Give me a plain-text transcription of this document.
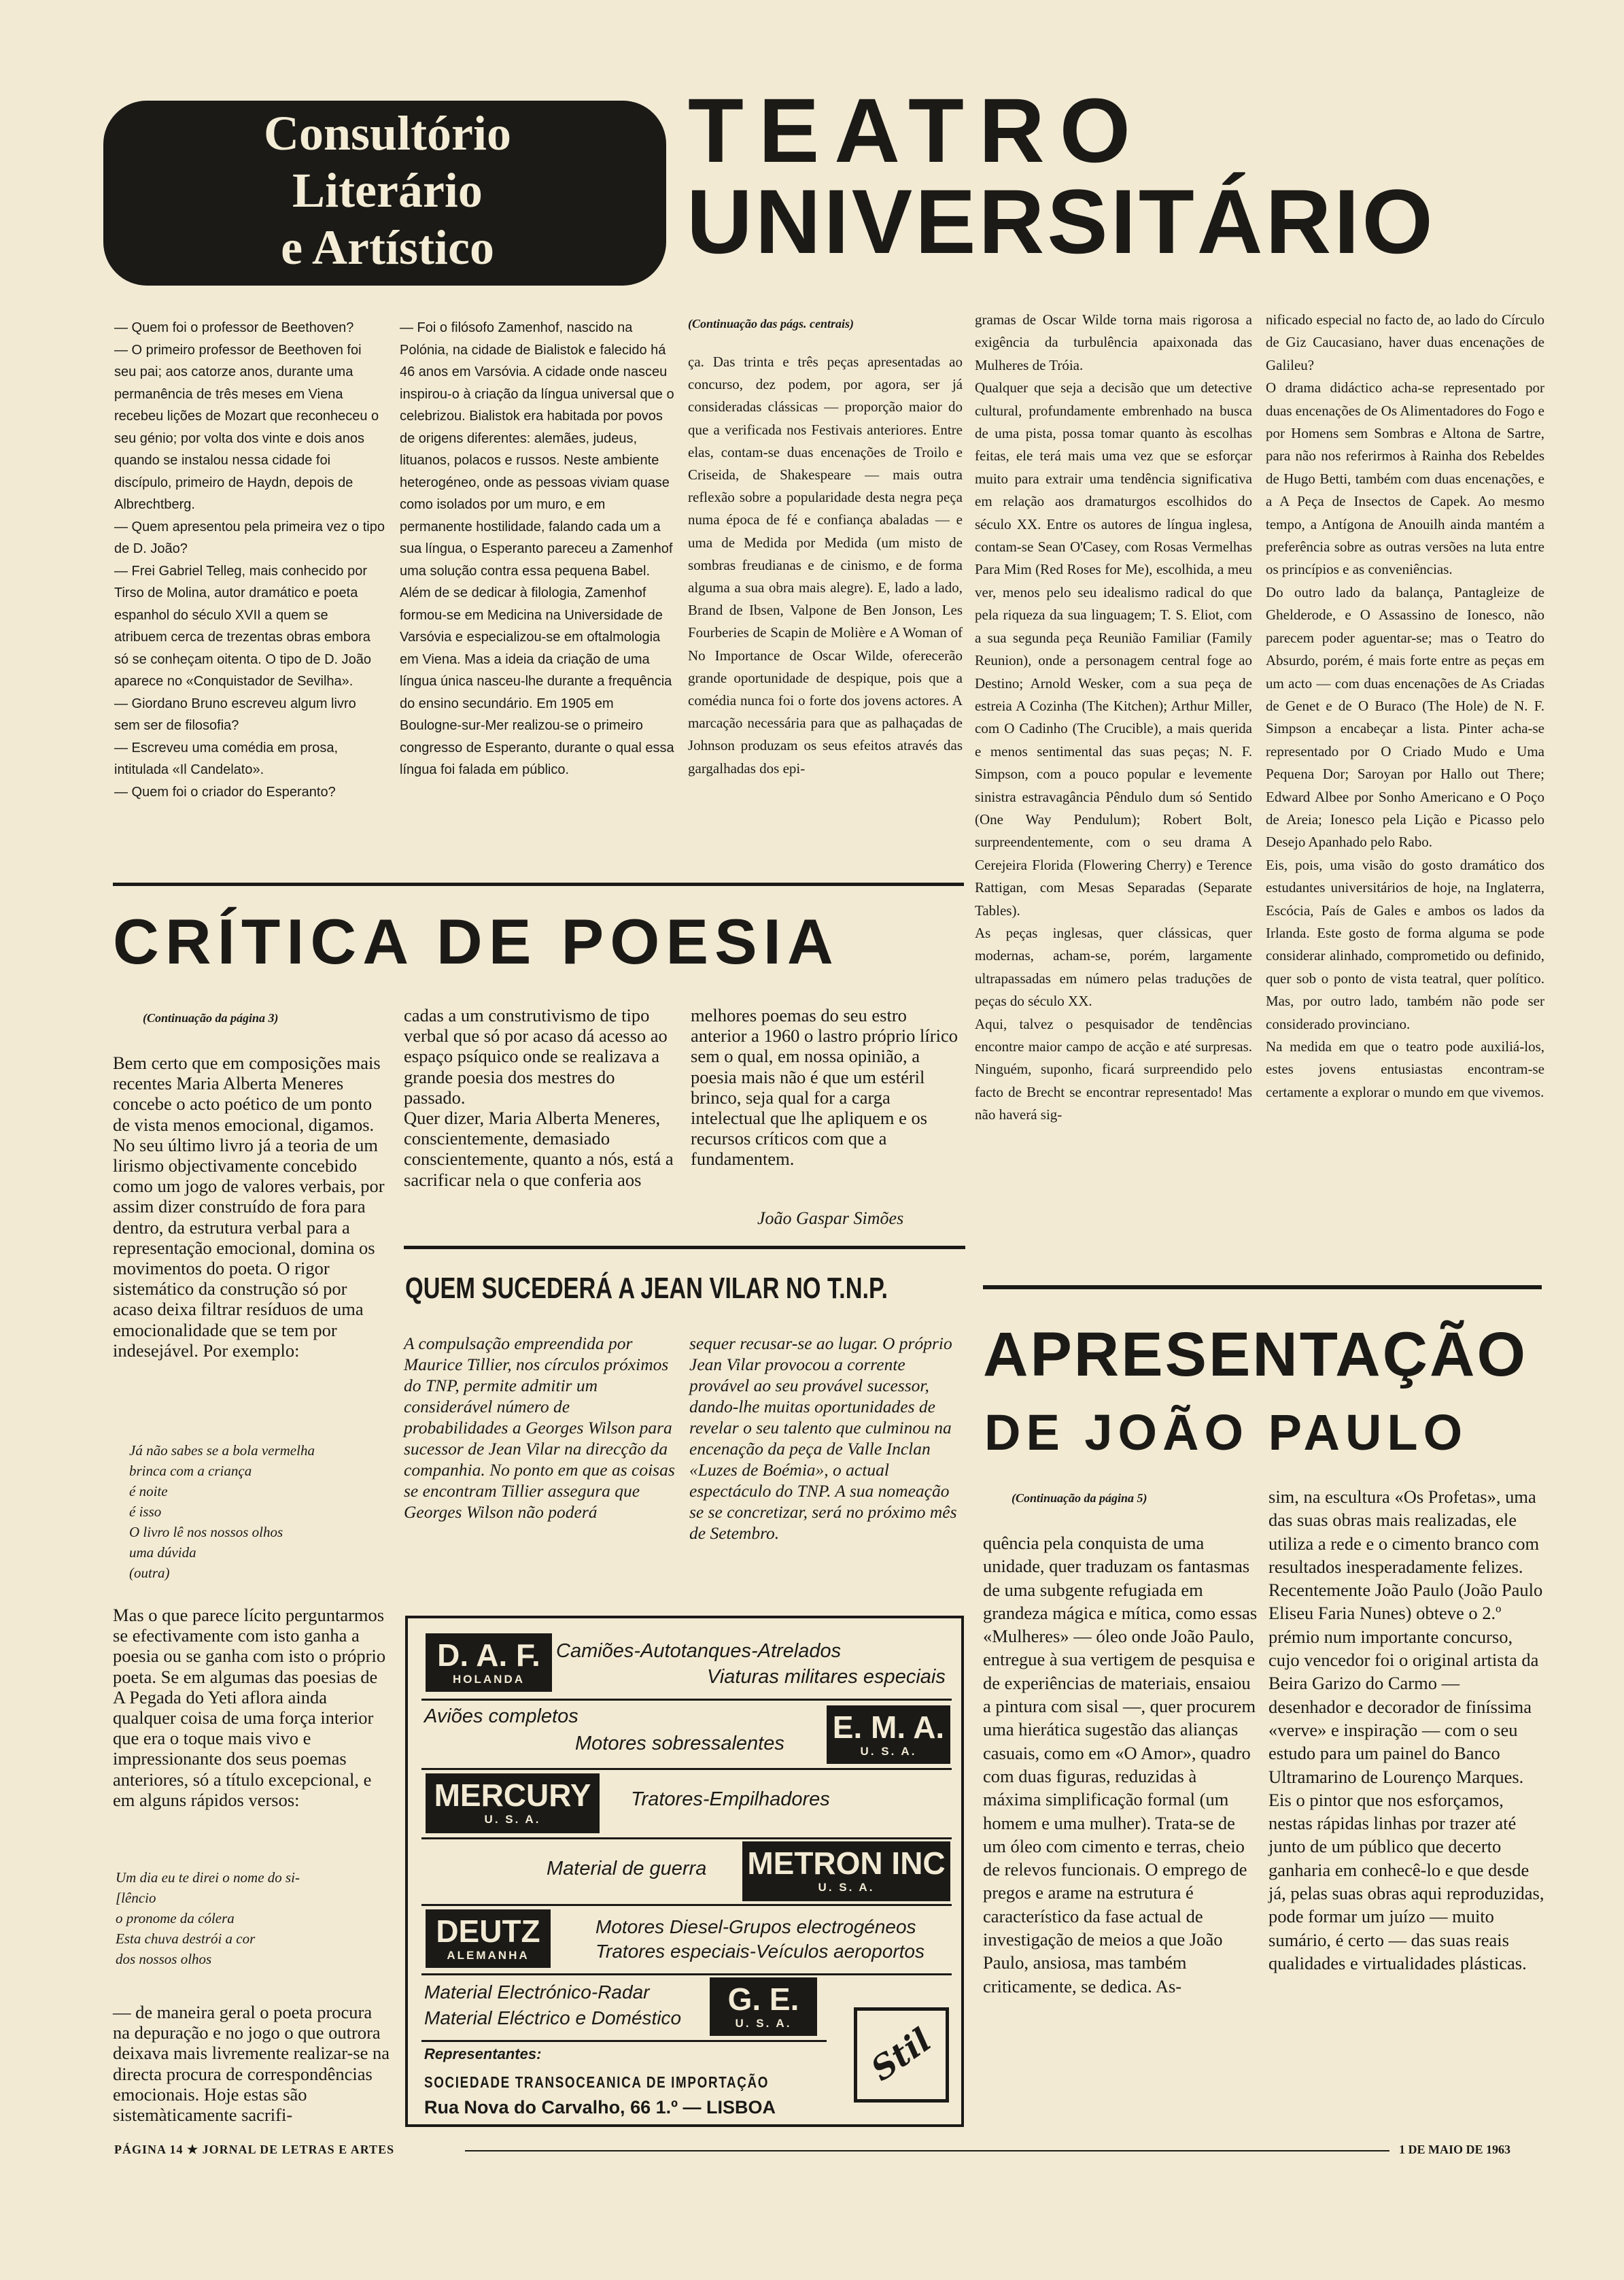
Consultório
Literário
e Artístico
TEATRO
UNIVERSITÁRIO
— Quem foi o professor de Beethoven?
— O primeiro professor de Beethoven foi seu pai; aos catorze anos, durante uma permanência de três meses em Viena recebeu lições de Mozart que reconheceu o seu génio; por volta dos vinte e dois anos quando se instalou nessa cidade foi discípulo, primeiro de Haydn, depois de Albrechtberg.
— Quem apresentou pela primeira vez o tipo de D. João?
— Frei Gabriel Telleg, mais conhecido por Tirso de Molina, autor dramático e poeta espanhol do século XVII a quem se atribuem cerca de trezentas obras embora só se conheçam oitenta. O tipo de D. João aparece no «Conquistador de Sevilha».
— Giordano Bruno escreveu algum livro sem ser de filosofia?
— Escreveu uma comédia em prosa, intitulada «Il Candelato».
— Quem foi o criador do Esperanto?
— Foi o filósofo Zamenhof, nascido na Polónia, na cidade de Bialistok e falecido há 46 anos em Varsóvia. A cidade onde nasceu inspirou-o à criação da língua universal que o celebrizou. Bialistok era habitada por povos de origens diferentes: alemães, judeus, lituanos, polacos e russos. Neste ambiente heterogéneo, onde as pessoas viviam quase como isolados por um muro, e em permanente hostilidade, falando cada um a sua língua, o Esperanto pareceu a Zamenhof uma solução contra essa pequena Babel. Além de se dedicar à filologia, Zamenhof formou-se em Medicina na Universidade de Varsóvia e especializou-se em oftalmologia em Viena. Mas a ideia da criação de uma língua única nasceu-lhe durante a frequência do ensino secundário. Em 1905 em Boulogne-sur-Mer realizou-se o primeiro congresso de Esperanto, durante o qual essa língua foi falada em público.
(Continuação das págs. centrais)
ça. Das trinta e três peças apresentadas ao concurso, dez podem, por agora, ser já consideradas clássicas — proporção maior do que a verificada nos Festivais anteriores. Entre elas, contam-se duas encenações de Troilo e Criseida, de Shakespeare — mais outra reflexão sobre a popularidade desta negra peça numa época de fé e confiança abaladas — e uma de Medida por Medida (um misto de sombras freudianas e de cinismo, e de forma alguma a sua obra mais alegre). E, lado a lado, Brand de Ibsen, Valpone de Ben Jonson, Les Fourberies de Scapin de Molière e A Woman of No Importance de Oscar Wilde, oferecerão grande oportunidade de despique, pois que a comédia nunca foi o forte dos jovens actores. A marcação necessária para que as palhaçadas de Johnson produzam os seus efeitos através das gargalhadas dos epi-
gramas de Oscar Wilde torna mais rigorosa a exigência da turbulência apaixonada das Mulheres de Tróia.
Qualquer que seja a decisão que um detective cultural, profundamente embrenhado na busca de uma pista, possa tomar quanto às escolhas feitas, ele terá mais uma vez que se esforçar muito para extrair uma tendência significativa em relação aos dramaturgos escolhidos do século XX. Entre os autores de língua inglesa, contam-se Sean O'Casey, com Rosas Vermelhas Para Mim (Red Roses for Me), escolhida, a meu ver, menos pelo seu idealismo radical do que pela riqueza da sua linguagem; T. S. Eliot, com a sua segunda peça Reunião Familiar (Family Reunion), onde a personagem central foge ao Destino; Arnold Wesker, com a sua peça de estreia A Cozinha (The Kitchen); Arthur Miller, com O Cadinho (The Crucible), a mais querida e menos sentimental das suas peças; N. F. Simpson, com a pouco popular e levemente sinistra estravagância Pêndulo dum só Sentido (One Way Pendulum); Robert Bolt, surpreendentemente, com o seu drama A Cerejeira Florida (Flowering Cherry) e Terence Rattigan, com Mesas Separadas (Separate Tables).
As peças inglesas, quer clássicas, quer modernas, acham-se, porém, largamente ultrapassadas em número pelas traduções de peças do século XX.
Aqui, talvez o pesquisador de tendências encontre maior campo de acção e até surpresas. Ninguém, suponho, ficará surpreendido pelo facto de Brecht se encontrar representado! Mas não haverá sig-
nificado especial no facto de, ao lado do Círculo de Giz Caucasiano, haver duas encenações de Galileu?
O drama didáctico acha-se representado por duas encenações de Os Alimentadores do Fogo e por Homens sem Sombras e Altona de Sartre, para não nos referirmos à Rainha dos Rebeldes de Hugo Betti, também com duas encenações, e a A Peça de Insectos de Capek. Ao mesmo tempo, a Antígona de Anouilh ainda mantém a preferência sobre as outras versões na luta entre os princípios e as conveniências.
Do outro lado da balança, Pantagleize de Ghelderode, e O Assassino de Ionesco, não parecem poder aguentar-se; mas o Teatro do Absurdo, porém, é mais forte entre as peças em um acto — com duas encenações de As Criadas de Genet e de O Buraco (The Hole) de N. F. Simpson a encabeçar a lista. Pinter acha-se representado por O Criado Mudo e Uma Pequena Dor; Saroyan por Hallo out There; Edward Albee por Sonho Americano e O Poço de Areia; Ionesco pela Lição e Picasso pelo Desejo Apanhado pelo Rabo.
Eis, pois, uma visão do gosto dramático dos estudantes universitários de hoje, na Inglaterra, Escócia, País de Gales e ambos os lados da Irlanda. Este gosto de forma alguma se pode considerar alinhado, comprometido ou definido, quer sob o ponto de vista teatral, quer político. Mas, por outro lado, também não pode ser considerado provinciano.
Na medida em que o teatro pode auxiliá-los, estes jovens entusiastas encontram-se certamente a explorar o mundo em que vivemos.
CRÍTICA DE POESIA
(Continuação da página 3)
Bem certo que em composições mais recentes Maria Alberta Meneres concebe o acto poético de um ponto de vista menos emocional, digamos. No seu último livro já a teoria de um lirismo objectivamente concebido como um jogo de valores verbais, por assim dizer construído de fora para dentro, da estrutura verbal para a representação emocional, domina os movimentos do poeta. O rigor sistemático da construção só por acaso deixa filtrar resíduos de uma emocionalidade que se tem por indesejável. Por exemplo:
Já não sabes se a bola vermelha
brinca com a criança
é noite
é isso
O livro lê nos nossos olhos
uma dúvida
(outra)
Mas o que parece lícito perguntarmos se efectivamente com isto ganha a poesia ou se ganha com isto o próprio poeta. Se em algumas das poesias de A Pegada do Yeti aflora ainda qualquer coisa de uma força interior que era o toque mais vivo e impressionante dos seus poemas anteriores, só a título excepcional, e em alguns rápidos versos:
Um dia eu te direi o nome do si-
[lêncio
o pronome da cólera
Esta chuva destrói a cor
dos nossos olhos
— de maneira geral o poeta procura na depuração e no jogo o que outrora deixava mais livremente realizar-se na directa procura de correspondências emocionais. Hoje estas são sistemàticamente sacrifi-
cadas a um construtivismo de tipo verbal que só por acaso dá acesso ao espaço psíquico onde se realizava a grande poesia dos mestres do passado.
Quer dizer, Maria Alberta Meneres, conscientemente, demasiado conscientemente, quanto a nós, está a sacrificar nela o que conferia aos
melhores poemas do seu estro anterior a 1960 o lastro próprio lírico sem o qual, em nossa opinião, a poesia mais não é que um estéril brinco, seja qual for a carga intelectual que lhe apliquem e os recursos críticos com que a fundamentem.
João Gaspar Simões
QUEM SUCEDERÁ A JEAN VILAR NO T.N.P.
A compulsação empreendida por Maurice Tillier, nos círculos próximos do TNP, permite admitir um considerável número de probabilidades a Georges Wilson para sucessor de Jean Vilar na direcção da companhia. No ponto em que as coisas se encontram Tillier assegura que Georges Wilson não poderá
sequer recusar-se ao lugar. O próprio Jean Vilar provocou a corrente provável ao seu provável sucessor, dando-lhe muitas oportunidades de revelar o seu talento que culminou na encenação da peça de Valle Inclan «Luzes de Boémia», o actual espectáculo do TNP. A sua nomeação se se concretizar, será no próximo mês de Setembro.
D. A. F.
HOLANDA
Camiões-Autotanques-Atrelados
Viaturas militares especiais
Aviões completos
Motores sobressalentes	E. M. A.
U. S. A.
MERCURY
U. S. A.
Tratores-Empilhadores
Material de guerra	METRON INC
U. S. A.
DEUTZ
ALEMANHA
Motores Diesel-Grupos electrogéneos
Tratores especiais-Veículos aeroportos
Material Electrónico-Radar
Material Eléctrico e Doméstico
G. E.
U. S. A.
Representantes:
SOCIEDADE TRANSOCEANICA DE IMPORTAÇÃO
Rua Nova do Carvalho, 66 1.º — LISBOA
Stil
APRESENTAÇÃO
DE JOÃO PAULO
(Continuação da página 5)
quência pela conquista de uma unidade, quer traduzam os fantasmas de uma subgente refugiada em grandeza mágica e mítica, como essas «Mulheres» — óleo onde João Paulo, entregue à sua vertigem de pesquisa e de experiências de materiais, ensaiou a pintura com sisal —, quer procurem uma hierática sugestão das alianças casuais, como em «O Amor», quadro com duas figuras, reduzidas à máxima simplificação formal (um homem e uma mulher). Trata-se de um óleo com cimento e terras, cheio de relevos funcionais. O emprego de pregos e arame na estrutura é característico da fase actual de investigação de meios a que João Paulo, ansiosa, mas também criticamente, se dedica. As-
sim, na escultura «Os Profetas», uma das suas obras mais realizadas, ele utiliza a rede e o cimento branco com resultados inesperadamente felizes.
Recentemente João Paulo (João Paulo Eliseu Faria Nunes) obteve o 2.º prémio num importante concurso, cujo vencedor foi o original artista da Beira Garizo do Carmo — desenhador e decorador de finíssima «verve» e inspiração — com o seu estudo para um painel do Banco Ultramarino de Lourenço Marques.
Eis o pintor que nos esforçamos, nestas rápidas linhas por trazer até junto de um público que decerto ganharia em conhecê-lo e que desde já, pelas suas obras aqui reproduzidas, pode formar um juízo — muito sumário, é certo — das suas reais qualidades e virtualidades plásticas.
PÁGINA 14 ★ JORNAL DE LETRAS E ARTES	1 DE MAIO DE 1963
